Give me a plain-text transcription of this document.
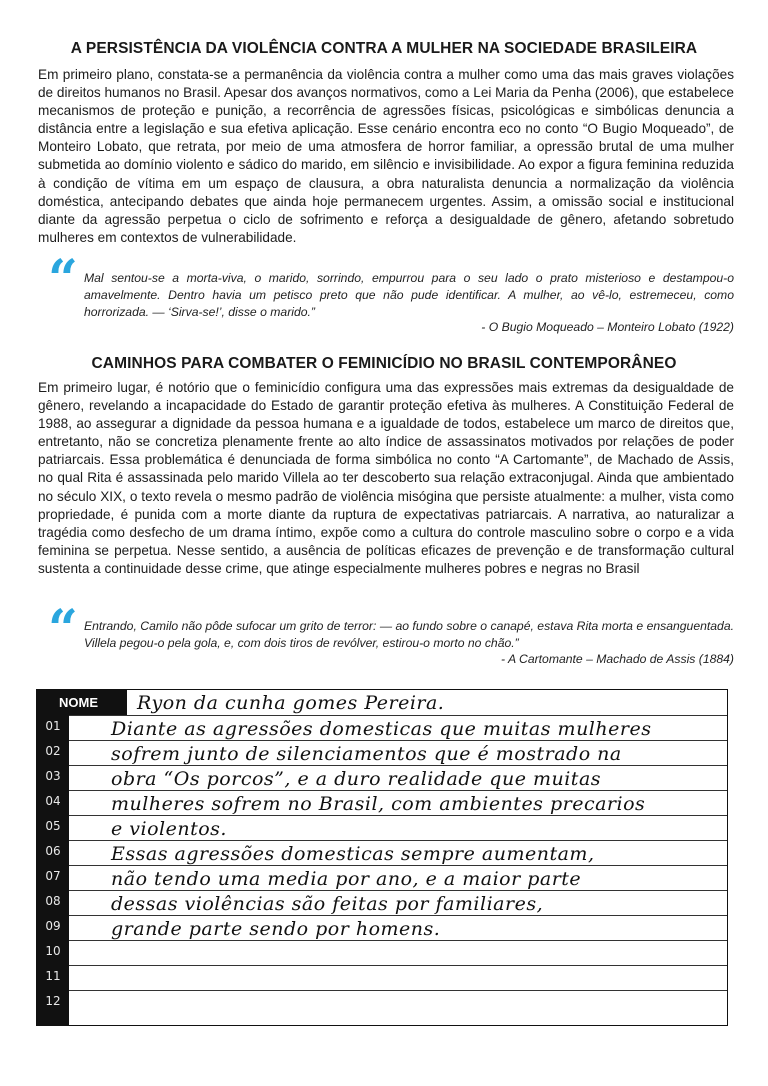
A PERSISTÊNCIA DA VIOLÊNCIA CONTRA A MULHER NA SOCIEDADE BRASILEIRA

Em primeiro plano, constata-se a permanência da violência contra a mulher como uma das mais graves violações de direitos humanos no Brasil. Apesar dos avanços normativos, como a Lei Maria da Penha (2006), que estabelece mecanismos de proteção e punição, a recorrência de agressões físicas, psicológicas e simbólicas denuncia a distância entre a legislação e sua efetiva aplicação. Esse cenário encontra eco no conto “O Bugio Moqueado”, de Monteiro Lobato, que retrata, por meio de uma atmosfera de horror familiar, a opressão brutal de uma mulher submetida ao domínio violento e sádico do marido, em silêncio e invisibilidade. Ao expor a figura feminina reduzida à condição de vítima em um espaço de clausura, a obra naturalista denuncia a normalização da violência doméstica, antecipando debates que ainda hoje permanecem urgentes. Assim, a omissão social e institucional diante da agressão perpetua o ciclo de sofrimento e reforça a desigualdade de gênero, afetando sobretudo mulheres em contextos de vulnerabilidade.

“ Mal sentou-se a morta-viva, o marido, sorrindo, empurrou para o seu lado o prato misterioso e destampou-o amavelmente. Dentro havia um petisco preto que não pude identificar. A mulher, ao vê-lo, estremeceu, como horrorizada. — ‘Sirva-se!’, disse o marido.”

- O Bugio Moqueado – Monteiro Lobato (1922)
CAMINHOS PARA COMBATER O FEMINICÍDIO NO BRASIL CONTEMPORÂNEO

Em primeiro lugar, é notório que o feminicídio configura uma das expressões mais extremas da desigualdade de gênero, revelando a incapacidade do Estado de garantir proteção efetiva às mulheres. A Constituição Federal de 1988, ao assegurar a dignidade da pessoa humana e a igualdade de todos, estabelece um marco de direitos que, entretanto, não se concretiza plenamente frente ao alto índice de assassinatos motivados por relações de poder patriarcais. Essa problemática é denunciada de forma simbólica no conto “A Cartomante”, de Machado de Assis, no qual Rita é assassinada pelo marido Villela ao ter descoberto sua relação extraconjugal. Ainda que ambientado no século XIX, o texto revela o mesmo padrão de violência misógina que persiste atualmente: a mulher, vista como propriedade, é punida com a morte diante da ruptura de expectativas patriarcais. A narrativa, ao naturalizar a tragédia como desfecho de um drama íntimo, expõe como a cultura do controle masculino sobre o corpo e a vida feminina se perpetua. Nesse sentido, a ausência de políticas eficazes de prevenção e de transformação cultural sustenta a continuidade desse crime, que atinge especialmente mulheres pobres e negras no Brasil

“ Entrando, Camilo não pôde sufocar um grito de terror: — ao fundo sobre o canapé, estava Rita morta e ensanguentada. Villela pegou-o pela gola, e, com dois tiros de revólver, estirou-o morto no chão.”

- A Cartomante – Machado de Assis (1884)
NOME	Ryon da cunha gomes Pereira.
01
02
03
04
05
06
07
08
09
10
11
12
Diante as agressões domesticas que muitas mulheres
sofrem junto de silenciamentos que é mostrado na
obra “Os porcos”, e a duro realidade que muitas
mulheres sofrem no Brasil, com ambientes precarios
e violentos.
Essas agressões domesticas sempre aumentam,
não tendo uma media por ano, e a maior parte
dessas violências são feitas por familiares,
grande parte sendo por homens.
